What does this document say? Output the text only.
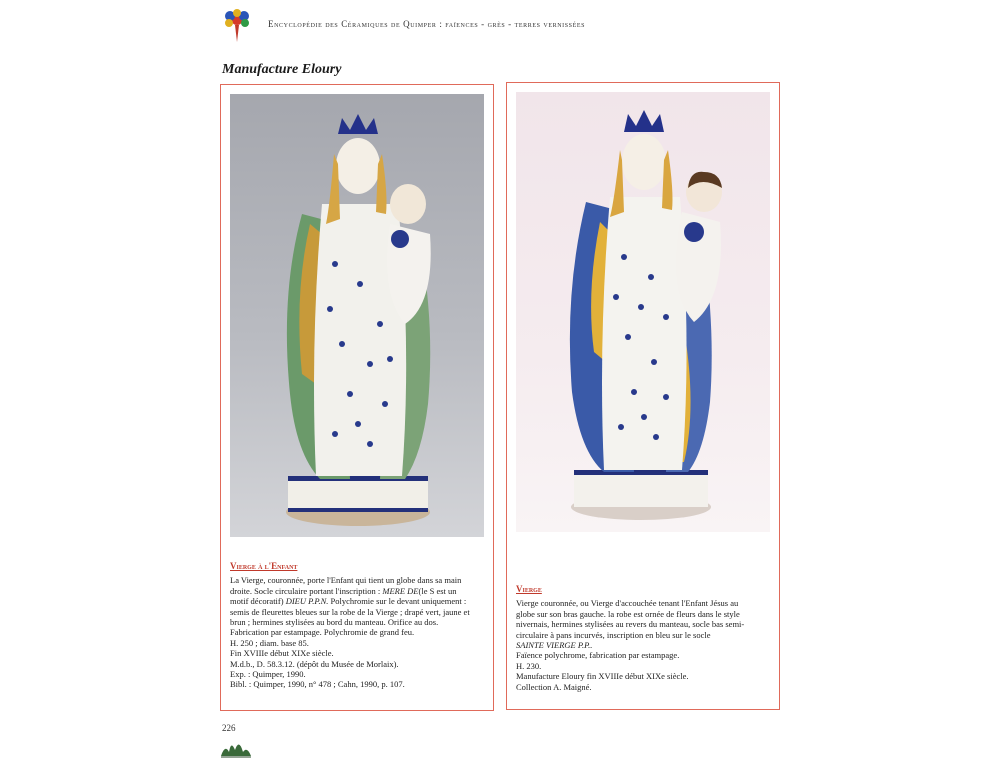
Encyclopédie des Céramiques de Quimper : faïences - grès - terres vernissées
Manufacture Eloury
Vierge à l'Enfant
La Vierge, couronnée, porte l'Enfant qui tient un globe dans sa main
droite. Socle circulaire portant l'inscription : MERE DE(le S est un
motif décoratif) DIEU P.P.N. Polychromie sur le devant uniquement :
semis de fleurettes bleues sur la robe de la Vierge ; drapé vert, jaune et
brun ; hermines stylisées au bord du manteau. Orifice au dos.
Fabrication par estampage. Polychromie de grand feu.
H. 250 ; diam. base 85.
Fin XVIIIe début XIXe siècle.
M.d.b., D. 58.3.12. (dépôt du Musée de Morlaix).
Exp. : Quimper, 1990.
Bibl. : Quimper, 1990, n° 478 ; Cahn, 1990, p. 107.
Vierge
Vierge couronnée, ou Vierge d'accouchée tenant l'Enfant Jésus au
globe sur son bras gauche. la robe est ornée de fleurs dans le style
nivernais, hermines stylisées au revers du manteau, socle bas semi-
circulaire à pans incurvés, inscription en bleu sur le socle
SAINTE VIERGE P.P..
Faïence polychrome, fabrication par estampage.
H. 230.
Manufacture Eloury fin XVIIIe début XIXe siècle.
Collection A. Maigné.
226
